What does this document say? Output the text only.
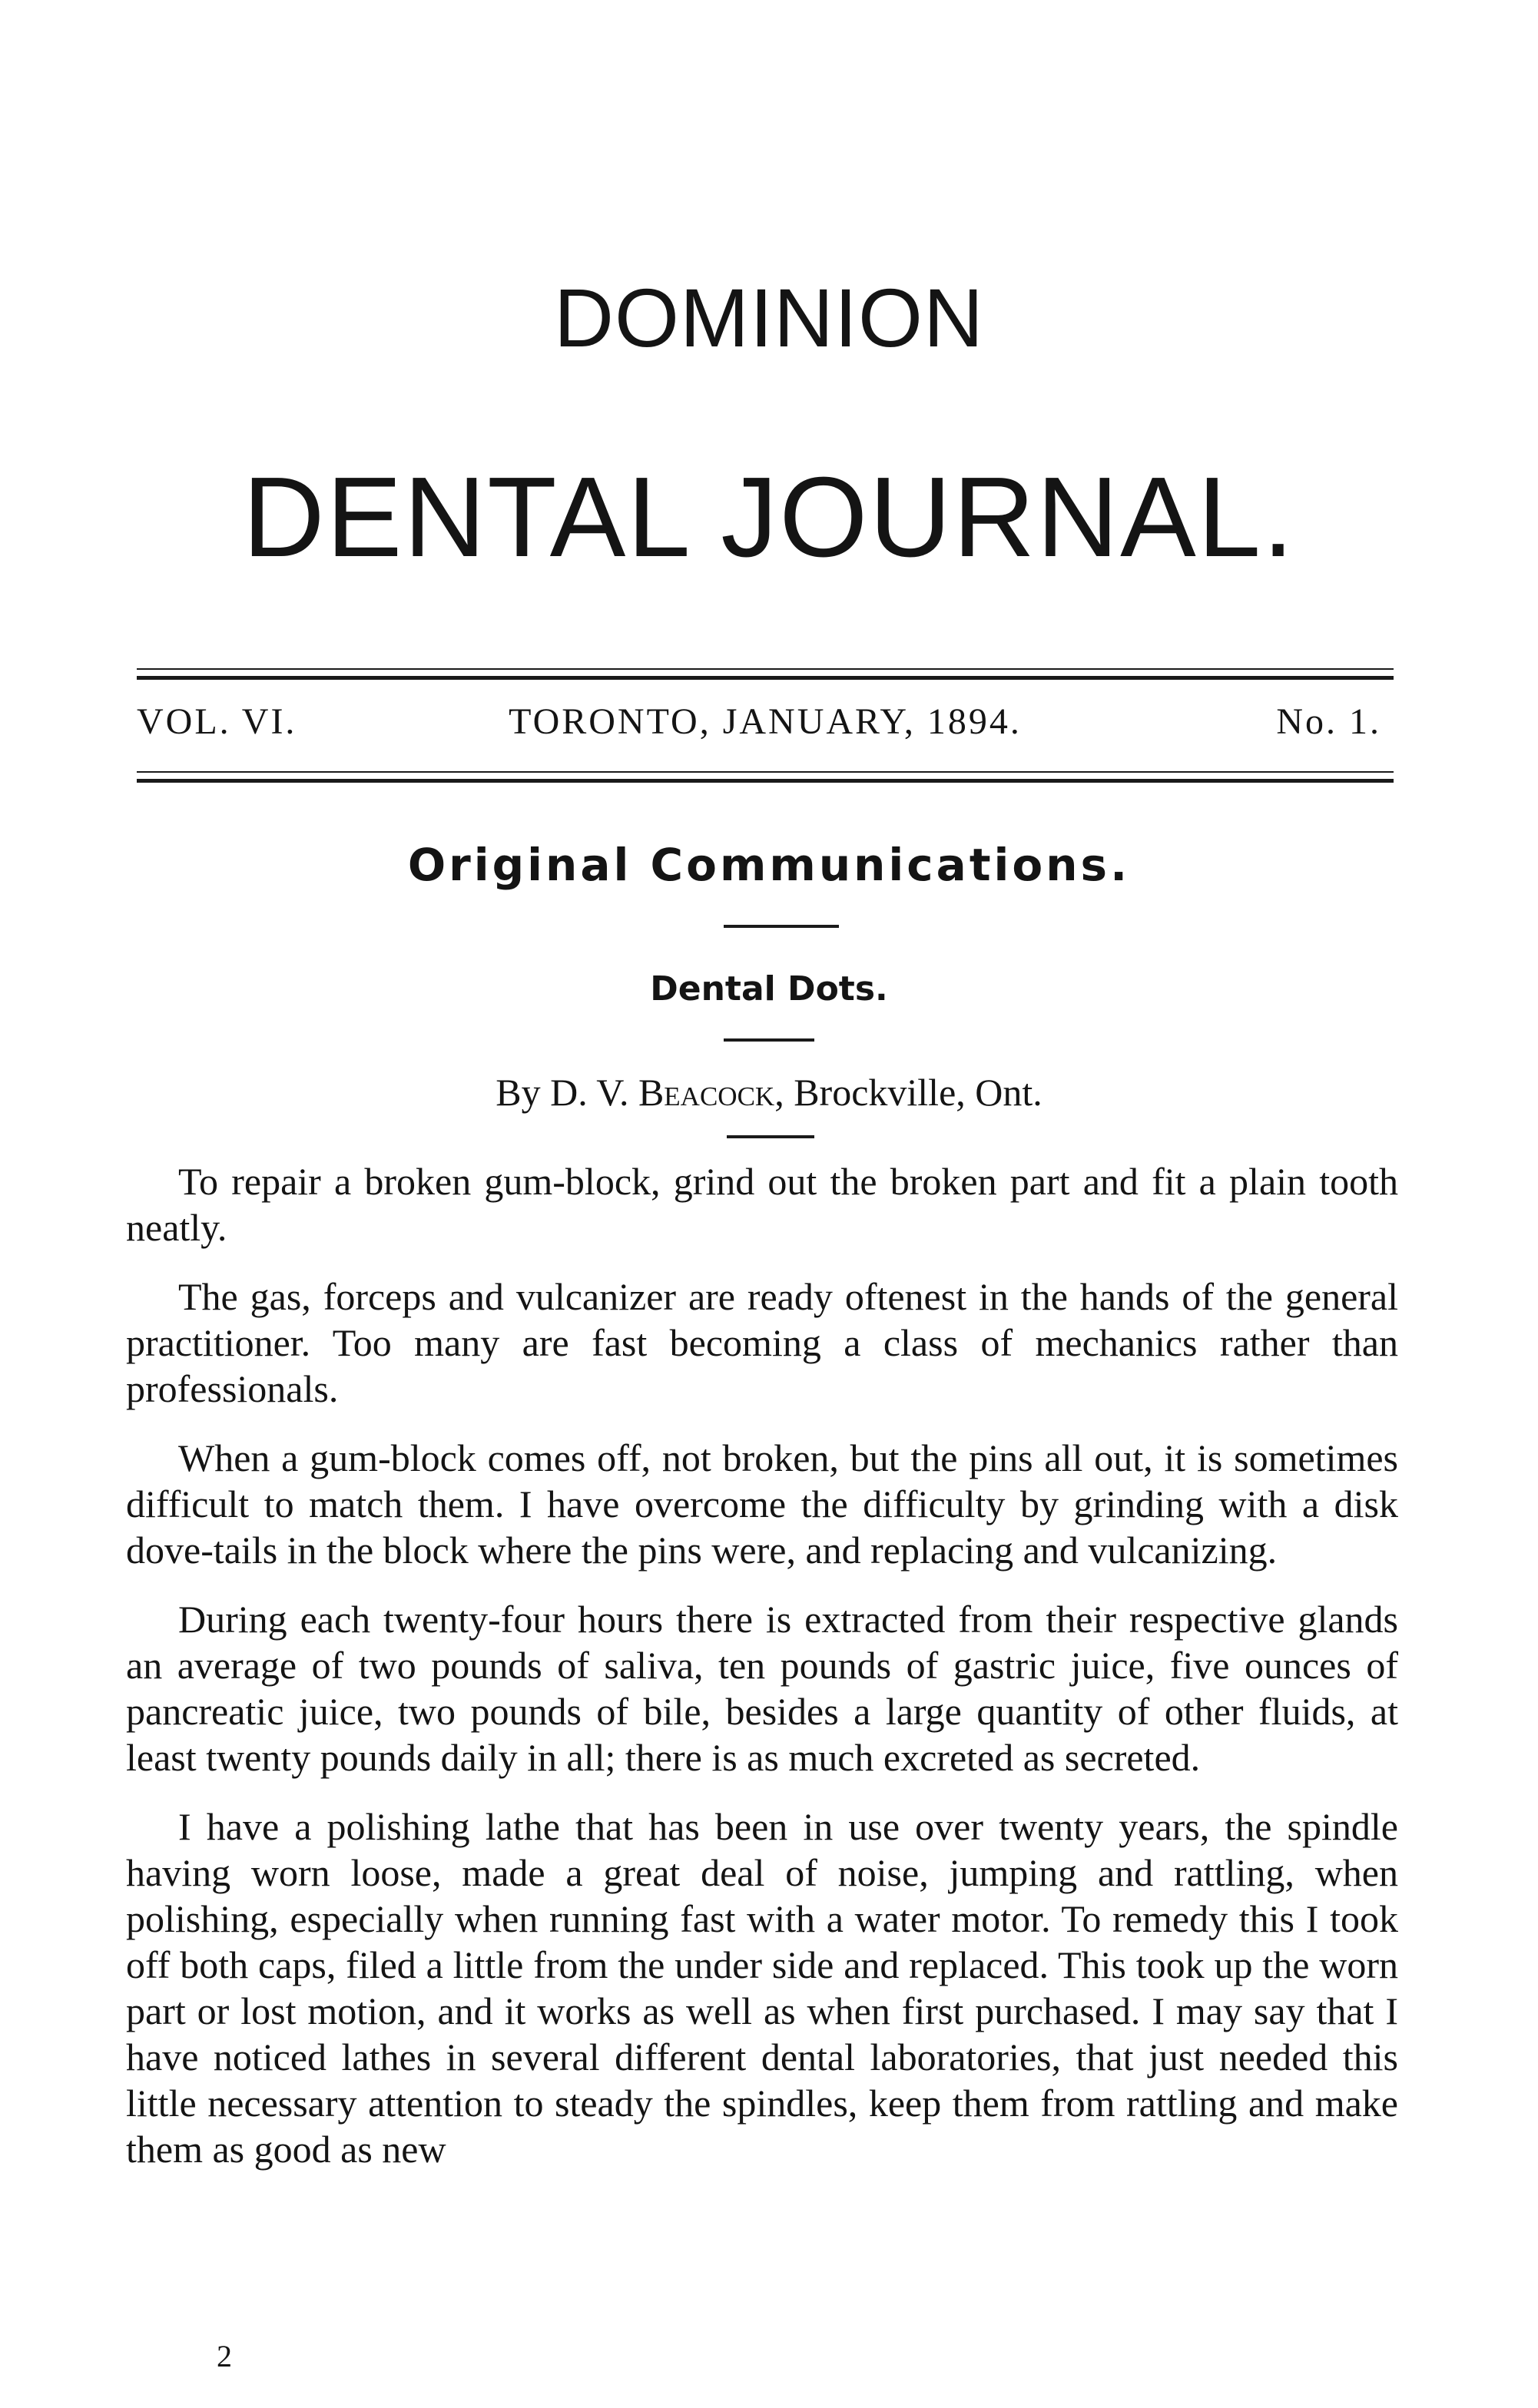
DOMINION
DENTAL JOURNAL.
VOL. VI.	TORONTO, JANUARY, 1894.	No. 1.
Original Communications.
Dental Dots.
By D. V. Beacock, Brockville, Ont.

To repair a broken gum-block, grind out the broken part and fit a plain tooth neatly.

The gas, forceps and vulcanizer are ready oftenest in the hands of the general practitioner. Too many are fast becoming a class of mechanics rather than professionals.

When a gum-block comes off, not broken, but the pins all out, it is sometimes difficult to match them. I have overcome the difficulty by grinding with a disk dove-tails in the block where the pins were, and replacing and vulcanizing.

During each twenty-four hours there is extracted from their respective glands an average of two pounds of saliva, ten pounds of gastric juice, five ounces of pancreatic juice, two pounds of bile, besides a large quantity of other fluids, at least twenty pounds daily in all; there is as much excreted as secreted.

I have a polishing lathe that has been in use over twenty years, the spindle having worn loose, made a great deal of noise, jumping and rattling, when polishing, especially when running fast with a water motor. To remedy this I took off both caps, filed a little from the under side and replaced. This took up the worn part or lost motion, and it works as well as when first purchased. I may say that I have noticed lathes in several different dental laboratories, that just needed this little necessary attention to steady the spindles, keep them from rattling and make them as good as new

2
